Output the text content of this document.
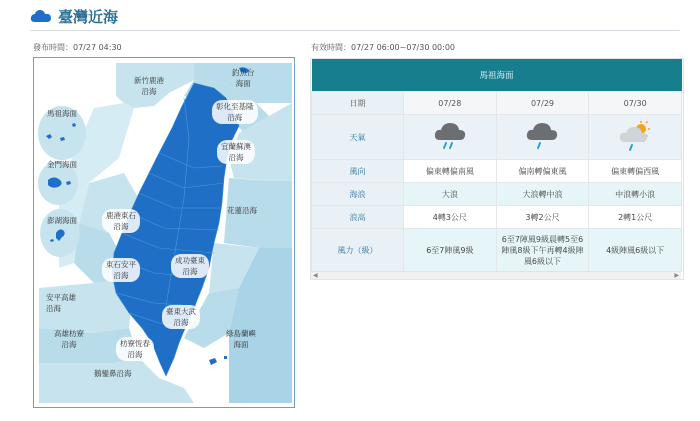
臺灣近海
發布時間：07/27 04:30	有效時間：07/27 06:00~07/30 00:00
新竹鹿港
沿海
釣魚台
海面
彰化至基隆
沿海
宜蘭蘇澳
沿海
花蓮沿海
馬祖海面
金門海面
澎湖海面
鹿港東石
沿海
東石安平
沿海
成功臺東
沿海
安平高雄
沿海
高雄枋寮
沿海
臺東大武
沿海
枋寮恆春
沿海
綠島蘭嶼
海面
鵝鑾鼻沿海
馬祖海面			
日期	07/28	07/29	07/30
天氣			
風向	偏東轉偏南風	偏南轉偏東風	偏東轉偏西風
海浪	大浪	大浪轉中浪	中浪轉小浪
浪高	4轉3公尺	3轉2公尺	2轉1公尺
風力（級）	6至7陣風9級	6至7陣風9級晨轉5至6陣風8級下午再轉4級陣風6級以下	4級陣風6級以下
◀	▶
